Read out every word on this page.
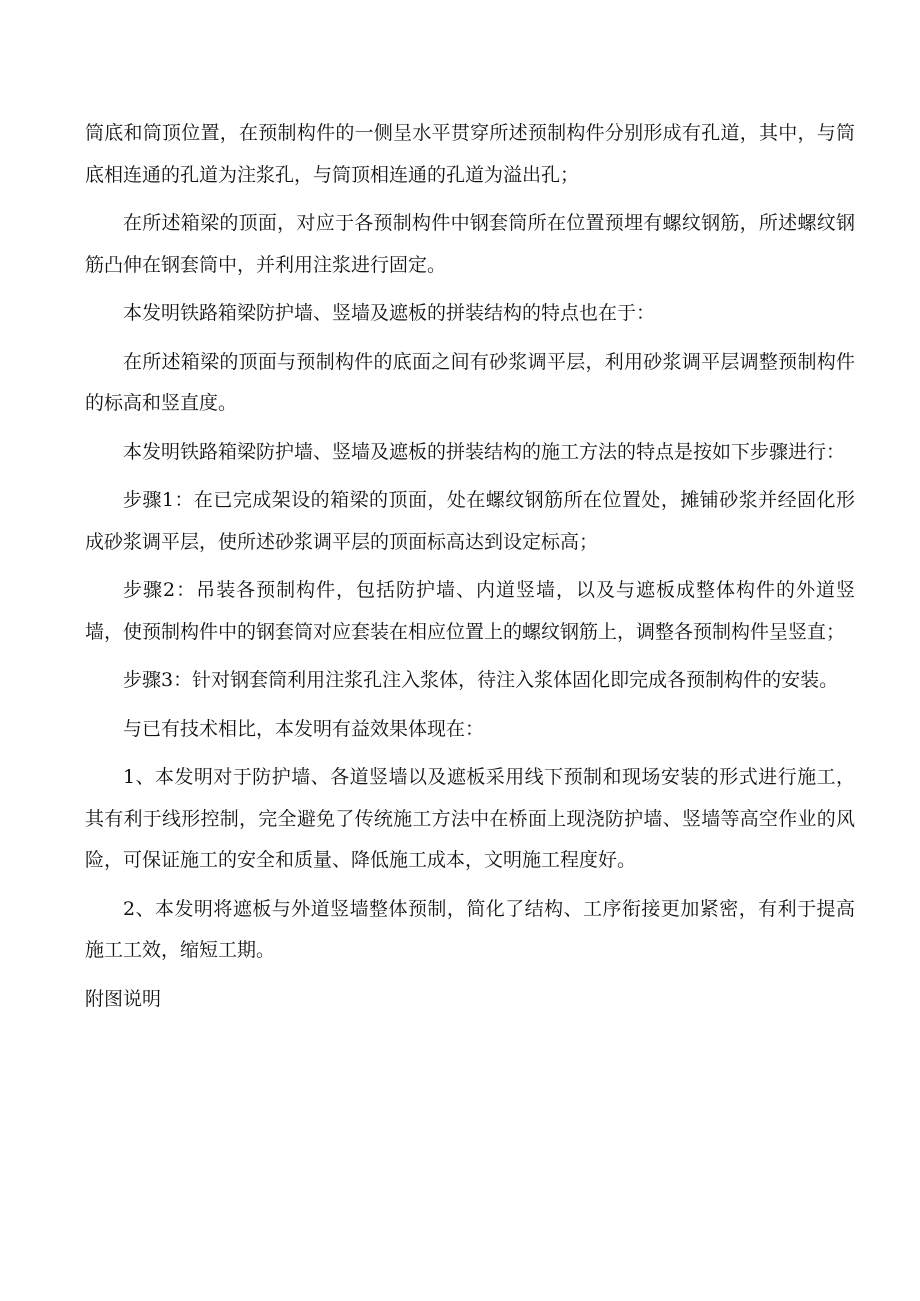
筒底和筒顶位置，在预制构件的一侧呈水平贯穿所述预制构件分别形成有孔道，其中，与筒底相连通的孔道为注浆孔，与筒顶相连通的孔道为溢出孔；

在所述箱梁的顶面，对应于各预制构件中钢套筒所在位置预埋有螺纹钢筋，所述螺纹钢筋凸伸在钢套筒中，并利用注浆进行固定。

本发明铁路箱梁防护墙、竖墙及遮板的拼装结构的特点也在于：

在所述箱梁的顶面与预制构件的底面之间有砂浆调平层，利用砂浆调平层调整预制构件的标高和竖直度。

本发明铁路箱梁防护墙、竖墙及遮板的拼装结构的施工方法的特点是按如下步骤进行：

步骤1：在已完成架设的箱梁的顶面，处在螺纹钢筋所在位置处，摊铺砂浆并经固化形成砂浆调平层，使所述砂浆调平层的顶面标高达到设定标高；

步骤2：吊装各预制构件，包括防护墙、内道竖墙，以及与遮板成整体构件的外道竖墙，使预制构件中的钢套筒对应套装在相应位置上的螺纹钢筋上，调整各预制构件呈竖直；

步骤3：针对钢套筒利用注浆孔注入浆体，待注入浆体固化即完成各预制构件的安装。

与已有技术相比，本发明有益效果体现在：

1、本发明对于防护墙、各道竖墙以及遮板采用线下预制和现场安装的形式进行施工，其有利于线形控制，完全避免了传统施工方法中在桥面上现浇防护墙、竖墙等高空作业的风险，可保证施工的安全和质量、降低施工成本，文明施工程度好。

2、本发明将遮板与外道竖墙整体预制，简化了结构、工序衔接更加紧密，有利于提高施工工效，缩短工期。

附图说明
